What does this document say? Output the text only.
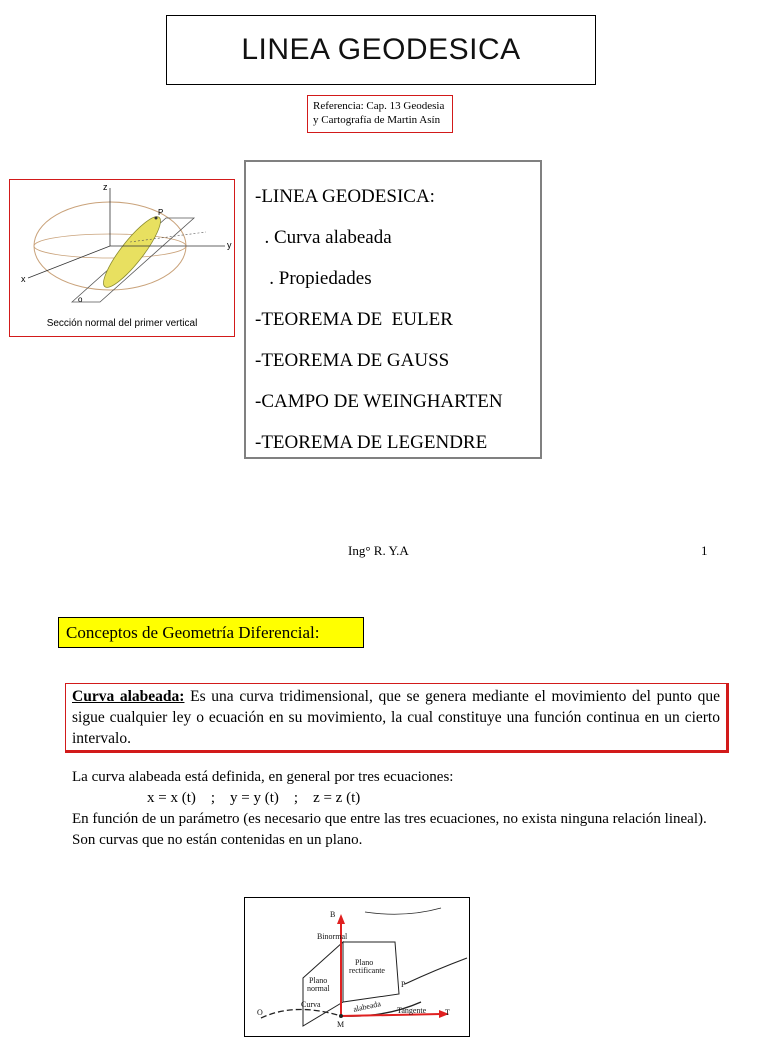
LINEA GEODESICA
Referencia: Cap. 13 Geodesia
y Cartografía de Martin Asín
z
x
y
P
o
Sección normal del primer vertical
-LINEA GEODESICA:
. Curva alabeada
. Propiedades
-TEOREMA DE  EULER
-TEOREMA DE GAUSS
-CAMPO DE WEINGHARTEN
-TEOREMA DE LEGENDRE
Ing° R. Y.A	1
Conceptos de Geometría Diferencial:
Curva alabeada: Es una curva tridimensional, que se genera mediante el movimiento del punto que sigue cualquier ley o ecuación en su movimiento, la cual constituye una función continua en un cierto intervalo.
La curva alabeada está definida, en general por tres ecuaciones:
x = x (t)    ;    y = y (t)    ;    z = z (t)
En función de un parámetro (es necesario que entre las tres ecuaciones, no exista ninguna relación lineal).
Son curvas que no están contenidas en un plano.
B
Binormal
Plano
rectificante
Plano
normal
Curva	alabeada
P
Tangente T
O
M
